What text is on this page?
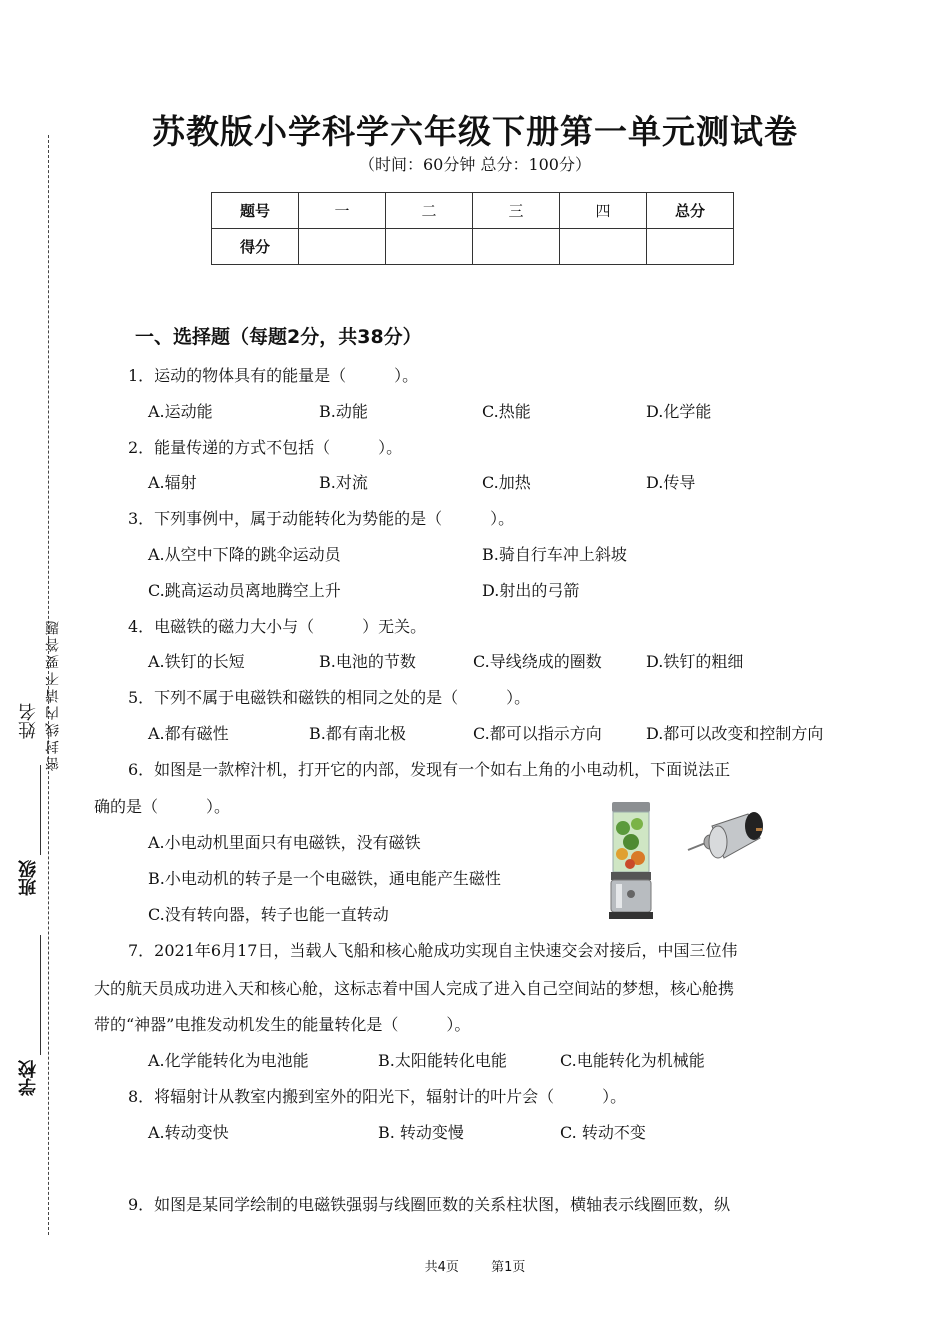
学校
班级
姓名 密封线内请不要答题
苏教版小学科学六年级下册第一单元测试卷
（时间：60分钟 总分：100分）
题号	一	二	三	四	总分
得分					
一、选择题（每题2分，共38分）
1．运动的物体具有的能量是（　　　）。
A.运动能	B.动能	C.热能	D.化学能
2．能量传递的方式不包括（　　　）。
A.辐射	B.对流	C.加热	D.传导
3．下列事例中，属于动能转化为势能的是（　　　）。
A.从空中下降的跳伞运动员	B.骑自行车冲上斜坡
C.跳高运动员离地腾空上升	D.射出的弓箭
4．电磁铁的磁力大小与（　　　）无关。
A.铁钉的长短	B.电池的节数	C.导线绕成的圈数	D.铁钉的粗细
5．下列不属于电磁铁和磁铁的相同之处的是（　　　）。
A.都有磁性	B.都有南北极	C.都可以指示方向	D.都可以改变和控制方向
6．如图是一款榨汁机，打开它的内部，发现有一个如右上角的小电动机，下面说法正
确的是（　　　）。
A.小电动机里面只有电磁铁，没有磁铁
B.小电动机的转子是一个电磁铁，通电能产生磁性
C.没有转向器，转子也能一直转动
7．2021年6月17日，当载人飞船和核心舱成功实现自主快速交会对接后，中国三位伟
大的航天员成功进入天和核心舱，这标志着中国人完成了进入自己空间站的梦想，核心舱携
带的“神器”电推发动机发生的能量转化是（　　　）。
A.化学能转化为电池能	B.太阳能转化电能	C.电能转化为机械能
8．将辐射计从教室内搬到室外的阳光下，辐射计的叶片会（　　　）。
A.转动变快	B. 转动变慢	C. 转动不变
9．如图是某同学绘制的电磁铁强弱与线圈匝数的关系柱状图，横轴表示线圈匝数，纵
共4页 第1页
